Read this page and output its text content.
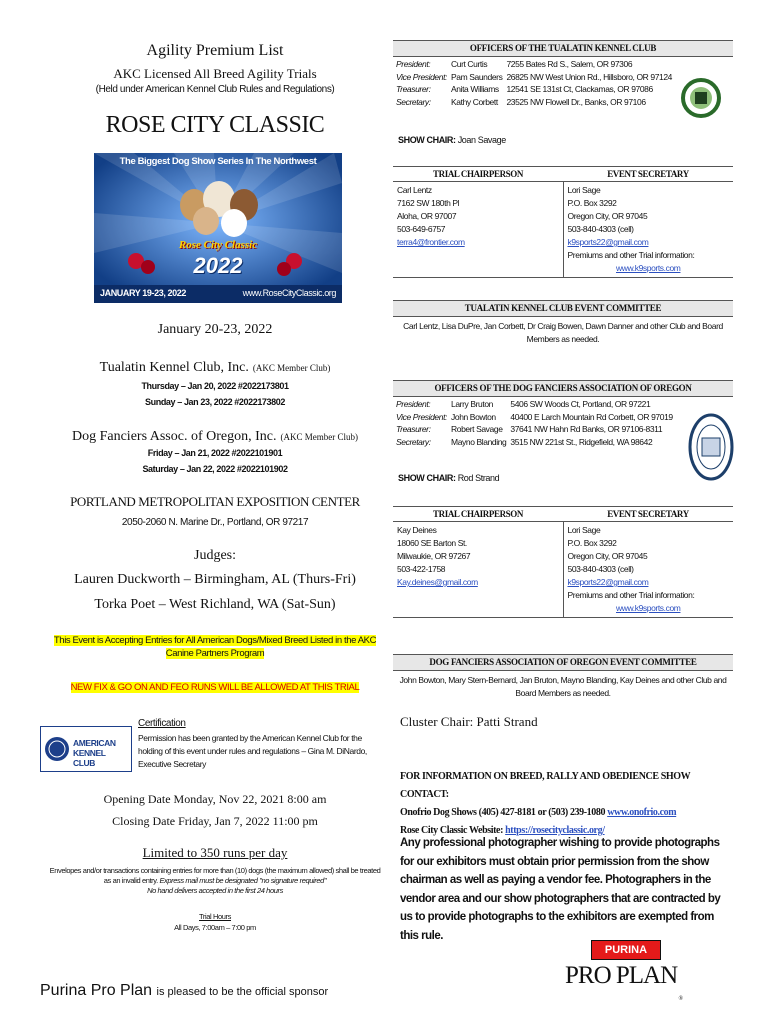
Agility Premium List
AKC Licensed All Breed Agility Trials
(Held under American Kennel Club Rules and Regulations)
ROSE CITY CLASSIC
The Biggest Dog Show Series In The Northwest
Rose City Classic
2022
JANUARY 19-23, 2022	www.RoseCityClassic.org
January 20-23, 2022
Tualatin Kennel Club, Inc. (AKC Member Club)
Thursday – Jan 20, 2022 #2022173801
Sunday – Jan 23, 2022 #2022173802
Dog Fanciers Assoc. of Oregon, Inc. (AKC Member Club)
Friday – Jan 21, 2022 #2022101901
Saturday – Jan 22, 2022 #2022101902
PORTLAND METROPOLITAN EXPOSITION CENTER
2050-2060 N. Marine Dr., Portland, OR 97217
Judges:
Lauren Duckworth – Birmingham, AL (Thurs-Fri)
Torka Poet – West Richland, WA (Sat-Sun)
This Event is Accepting Entries for All American Dogs/Mixed Breed Listed in the AKC Canine Partners Program
NEW FIX & GO ON AND FEO RUNS WILL BE ALLOWED AT THIS TRIAL
AMERICAN KENNEL CLUB
Certification
Permission has been granted by the American Kennel Club for the holding of this event under rules and regulations – Gina M. DiNardo, Executive Secretary
Opening Date Monday, Nov 22, 2021 8:00 am
Closing Date Friday, Jan 7, 2022 11:00 pm
Limited to 350 runs per day
Envelopes and/or transactions containing entries for more than (10) dogs (the maximum allowed) shall be treated
as an invalid entry. Express mail must be designated "no signature required"
No hand delivers accepted in the first 24 hours
Trial Hours
All Days, 7:00am – 7:00 pm
Purina Pro Plan is pleased to be the official sponsor
OFFICERS OF THE TUALATIN KENNEL CLUB
President:	Curt Curtis	7255 Bates Rd S., Salem, OR 97306
Vice President:	Pam Saunders	26825 NW West Union Rd., Hillsboro, OR 97124
Treasurer:	Anita Williams	12541 SE 131st Ct, Clackamas, OR 97086
Secretary:	Kathy Corbett	23525 NW Flowell Dr., Banks, OR 97106
SHOW CHAIR: Joan Savage
TRIAL CHAIRPERSON	EVENT SECRETARY
Carl Lentz
7162 SW 180th Pl
Aloha, OR 97007
503-649-6757
terra4@frontier.com
Lori Sage
P.O. Box 3292
Oregon City, OR 97045
503-840-4303 (cell)
k9sports22@gmail.com
Premiums and other Trial information:
www.k9sports.com
TUALATIN KENNEL CLUB EVENT COMMITTEE
Carl Lentz, Lisa DuPre, Jan Corbett, Dr Craig Bowen, Dawn Danner and other Club and Board
Members as needed.
OFFICERS OF THE DOG FANCIERS ASSOCIATION OF OREGON
President:	Larry Bruton	5406 SW Woods Ct, Portland, OR 97221
Vice President:	John Bowton	40400 E Larch Mountain Rd Corbett, OR 97019
Treasurer:	Robert Savage	37641 NW Hahn Rd Banks, OR 97106-8311
Secretary:	Mayno Blanding	3515 NW 221st St., Ridgefield, WA 98642
SHOW CHAIR: Rod Strand
TRIAL CHAIRPERSON	EVENT SECRETARY
Kay Deines
18060 SE Barton St.
Milwaukie, OR 97267
503-422-1758
Kay.deines@gmail.com
Lori Sage
P.O. Box 3292
Oregon City, OR 97045
503-840-4303 (cell)
k9sports22@gmail.com
Premiums and other Trial information:
www.k9sports.com
DOG FANCIERS ASSOCIATION OF OREGON EVENT COMMITTEE
John Bowton, Mary Stern-Bernard, Jan Bruton, Mayno Blanding, Kay Deines and other Club and
Board Members as needed.
Cluster Chair: Patti Strand
FOR INFORMATION ON BREED, RALLY AND OBEDIENCE SHOW CONTACT:
Onofrio Dog Shows (405) 427-8181 or (503) 239-1080 www.onofrio.com
Rose City Classic Website: https://rosecityclassic.org/
Any professional photographer wishing to provide photographs for our exhibitors must obtain prior permission from the show chairman as well as paying a vendor fee. Photographers in the vendor area and our show photographers that are contracted by us to provide photographs to the exhibitors are exempted from this rule.
PURINA
PRO PLAN
®
